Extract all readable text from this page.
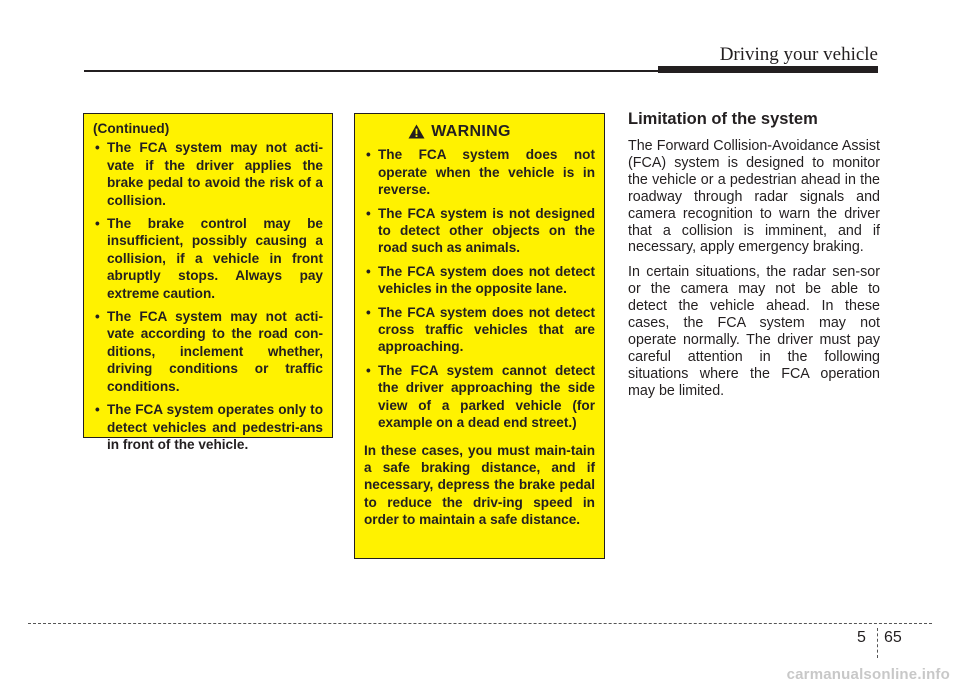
Driving your vehicle
(Continued)
• The FCA system may not acti-vate if the driver applies the brake pedal to avoid the risk of a collision.
• The brake control may be insufficient, possibly causing a collision, if a vehicle in front abruptly stops. Always pay extreme caution.
• The FCA system may not acti-vate according to the road con-ditions, inclement whether, driving conditions or traffic conditions.
• The FCA system operates only to detect vehicles and pedestri-ans in front of the vehicle.
WARNING
• The FCA system does not operate when the vehicle is in reverse.
• The FCA system is not designed to detect other objects on the road such as animals.
• The FCA system does not detect vehicles in the opposite lane.
• The FCA system does not detect cross traffic vehicles that are approaching.
• The FCA system cannot detect the driver approaching the side view of a parked vehicle (for example on a dead end street.)

In these cases, you must main-tain a safe braking distance, and if necessary, depress the brake pedal to reduce the driv-ing speed in order to maintain a safe distance.

Limitation of the system

The Forward Collision-Avoidance Assist (FCA) system is designed to monitor the vehicle or a pedestrian ahead in the roadway through radar signals and camera recognition to warn the driver that a collision is imminent, and if necessary, apply emergency braking.

In certain situations, the radar sen-sor or the camera may not be able to detect the vehicle ahead. In these cases, the FCA system may not operate normally. The driver must pay careful attention in the following situations where the FCA operation may be limited.

5 65
carmanualsonline.info
